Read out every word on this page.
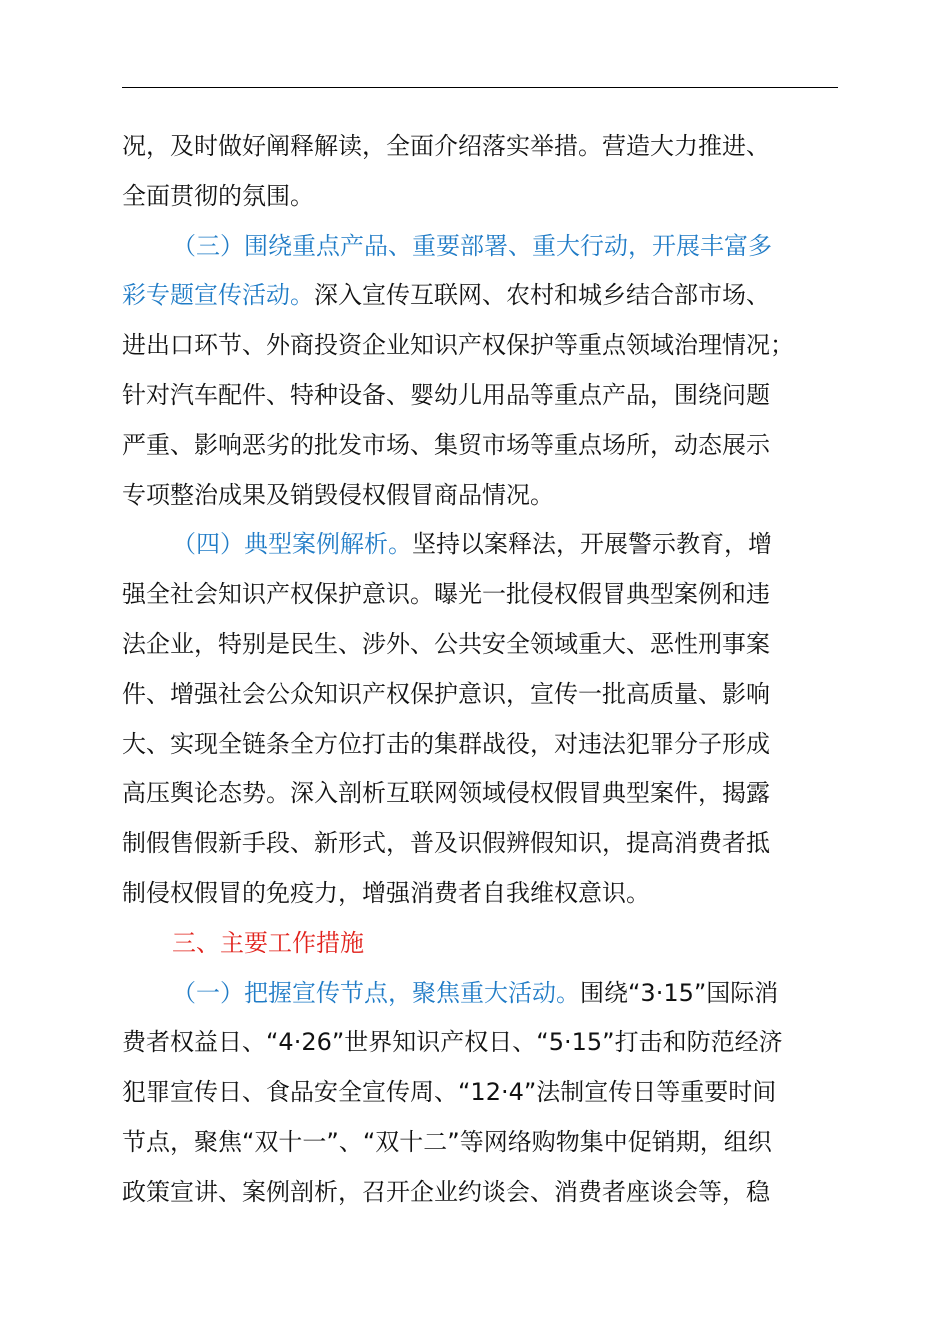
况，及时做好阐释解读，全面介绍落实举措。营造大力推进、
全面贯彻的氛围。
（三）围绕重点产品、重要部署、重大行动，开展丰富多
彩专题宣传活动。深入宣传互联网、农村和城乡结合部市场、
进出口环节、外商投资企业知识产权保护等重点领域治理情况；
针对汽车配件、特种设备、婴幼儿用品等重点产品，围绕问题
严重、影响恶劣的批发市场、集贸市场等重点场所，动态展示
专项整治成果及销毁侵权假冒商品情况。
（四）典型案例解析。坚持以案释法，开展警示教育，增
强全社会知识产权保护意识。曝光一批侵权假冒典型案例和违
法企业，特别是民生、涉外、公共安全领域重大、恶性刑事案
件、增强社会公众知识产权保护意识，宣传一批高质量、影响
大、实现全链条全方位打击的集群战役，对违法犯罪分子形成
高压舆论态势。深入剖析互联网领域侵权假冒典型案件，揭露
制假售假新手段、新形式，普及识假辨假知识，提高消费者抵
制侵权假冒的免疫力，增强消费者自我维权意识。
三、主要工作措施
（一）把握宣传节点，聚焦重大活动。围绕“3·15”国际消
费者权益日、“4·26”世界知识产权日、“5·15”打击和防范经济
犯罪宣传日、食品安全宣传周、“12·4”法制宣传日等重要时间
节点，聚焦“双十一”、“双十二”等网络购物集中促销期，组织
政策宣讲、案例剖析，召开企业约谈会、消费者座谈会等，稳
